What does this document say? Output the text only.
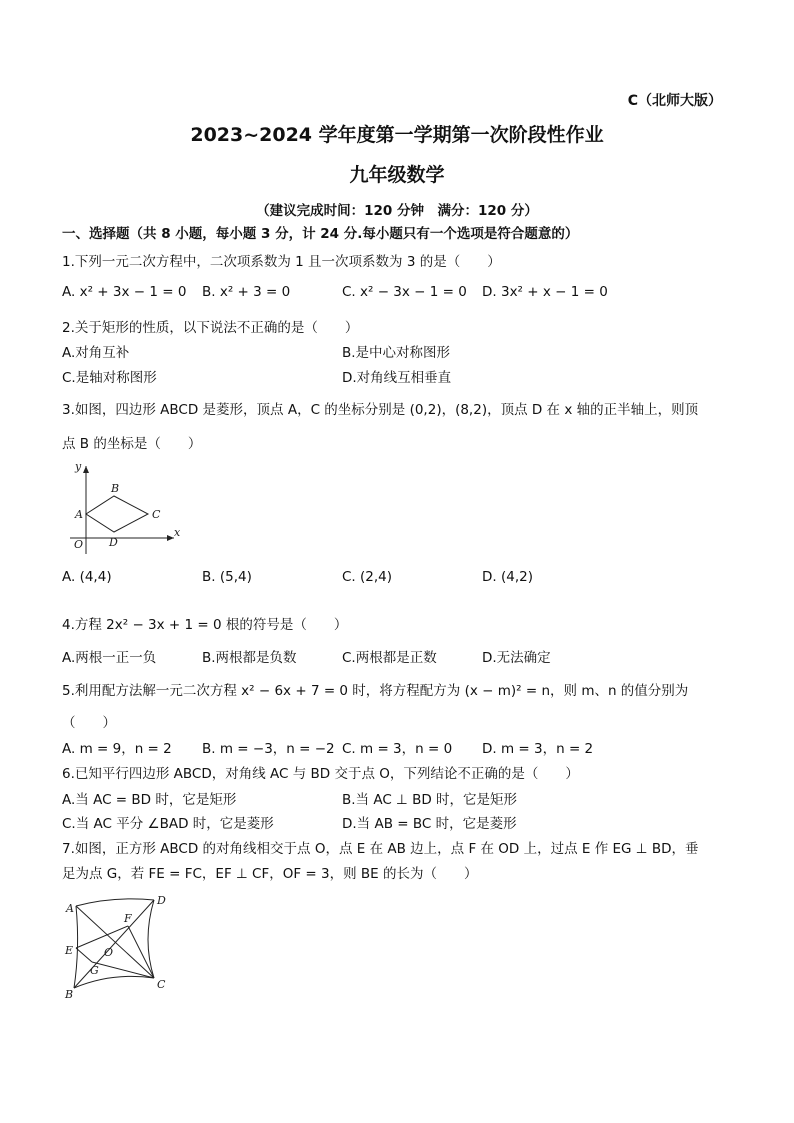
C（北师大版）
2023~2024 学年度第一学期第一次阶段性作业
九年级数学
（建议完成时间：120 分钟　满分：120 分）
一、选择题（共 8 小题，每小题 3 分，计 24 分.每小题只有一个选项是符合题意的）
1.下列一元二次方程中，二次项系数为 1 且一次项系数为 3 的是（　　）
A. x² + 3x − 1 = 0 B. x² + 3 = 0	C. x² − 3x − 1 = 0 D. 3x² + x − 1 = 0
2.关于矩形的性质，以下说法不正确的是（　　）
A.对角互补	B.是中心对称图形
C.是轴对称图形	D.对角线互相垂直
3.如图，四边形 ABCD 是菱形，顶点 A，C 的坐标分别是 (0,2)，(8,2)，顶点 D 在 x 轴的正半轴上，则顶
点 B 的坐标是（　　）
y
x
O
A
B
C
D
A. (4,4)	B. (5,4)	C. (2,4)	D. (4,2)
4.方程 2x² − 3x + 1 = 0 根的符号是（　　）
A.两根一正一负	B.两根都是负数	C.两根都是正数	D.无法确定
5.利用配方法解一元二次方程 x² − 6x + 7 = 0 时，将方程配方为 (x − m)² = n，则 m、n 的值分别为
（　　）
A. m = 9，n = 2 B. m = −3，n = −2 C. m = 3，n = 0 D. m = 3，n = 2
6.已知平行四边形 ABCD，对角线 AC 与 BD 交于点 O，下列结论不正确的是（　　）
A.当 AC = BD 时，它是矩形	B.当 AC ⊥ BD 时，它是矩形
C.当 AC 平分 ∠BAD 时，它是菱形	D.当 AB = BC 时，它是菱形
7.如图，正方形 ABCD 的对角线相交于点 O，点 E 在 AB 边上，点 F 在 OD 上，过点 E 作 EG ⊥ BD，垂
足为点 G，若 FE = FC，EF ⊥ CF，OF = 3，则 BE 的长为（　　）
A
B
C
D
E
F
G
O
